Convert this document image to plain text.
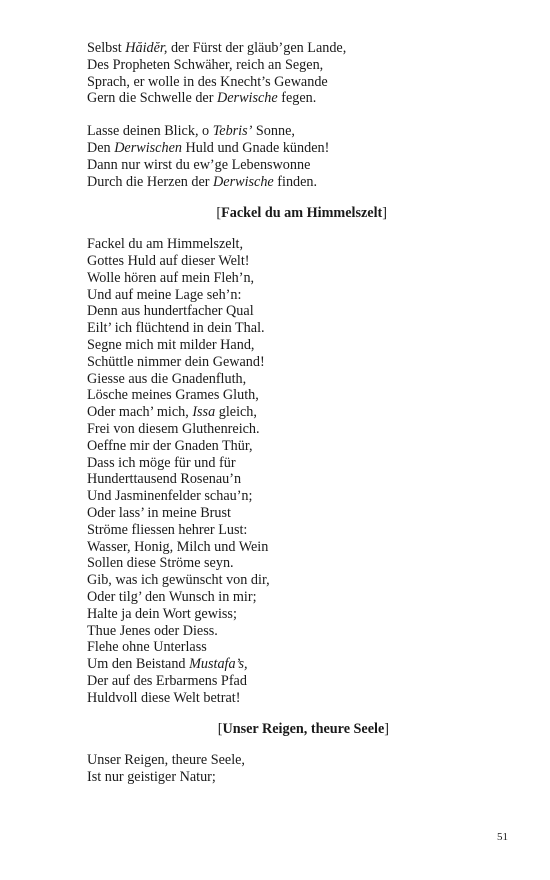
Selbst Hăidĕr, der Fürst der gläub’gen Lande,
Des Propheten Schwäher, reich an Segen,
Sprach, er wolle in des Knecht’s Gewande
Gern die Schwelle der Derwische fegen.
Lasse deinen Blick, o Tebris’ Sonne,
Den Derwischen Huld und Gnade künden!
Dann nur wirst du ew’ge Lebenswonne
Durch die Herzen der Derwische finden.
[Fackel du am Himmelszelt]
Fackel du am Himmelszelt,
Gottes Huld auf dieser Welt!
Wolle hören auf mein Fleh’n,
Und auf meine Lage seh’n:
Denn aus hundertfacher Qual
Eilt’ ich flüchtend in dein Thal.
Segne mich mit milder Hand,
Schüttle nimmer dein Gewand!
Giesse aus die Gnadenfluth,
Lösche meines Grames Gluth,
Oder mach’ mich, Issa gleich,
Frei von diesem Gluthenreich.
Oeffne mir der Gnaden Thür,
Dass ich möge für und für
Hunderttausend Rosenau’n
Und Jasminenfelder schau’n;
Oder lass’ in meine Brust
Ströme fliessen hehrer Lust:
Wasser, Honig, Milch und Wein
Sollen diese Ströme seyn.
Gib, was ich gewünscht von dir,
Oder tilg’ den Wunsch in mir;
Halte ja dein Wort gewiss;
Thue Jenes oder Diess.
Flehe ohne Unterlass
Um den Beistand Mustafa’s,
Der auf des Erbarmens Pfad
Huldvoll diese Welt betrat!
[Unser Reigen, theure Seele]
Unser Reigen, theure Seele,
Ist nur geistiger Natur;
51
